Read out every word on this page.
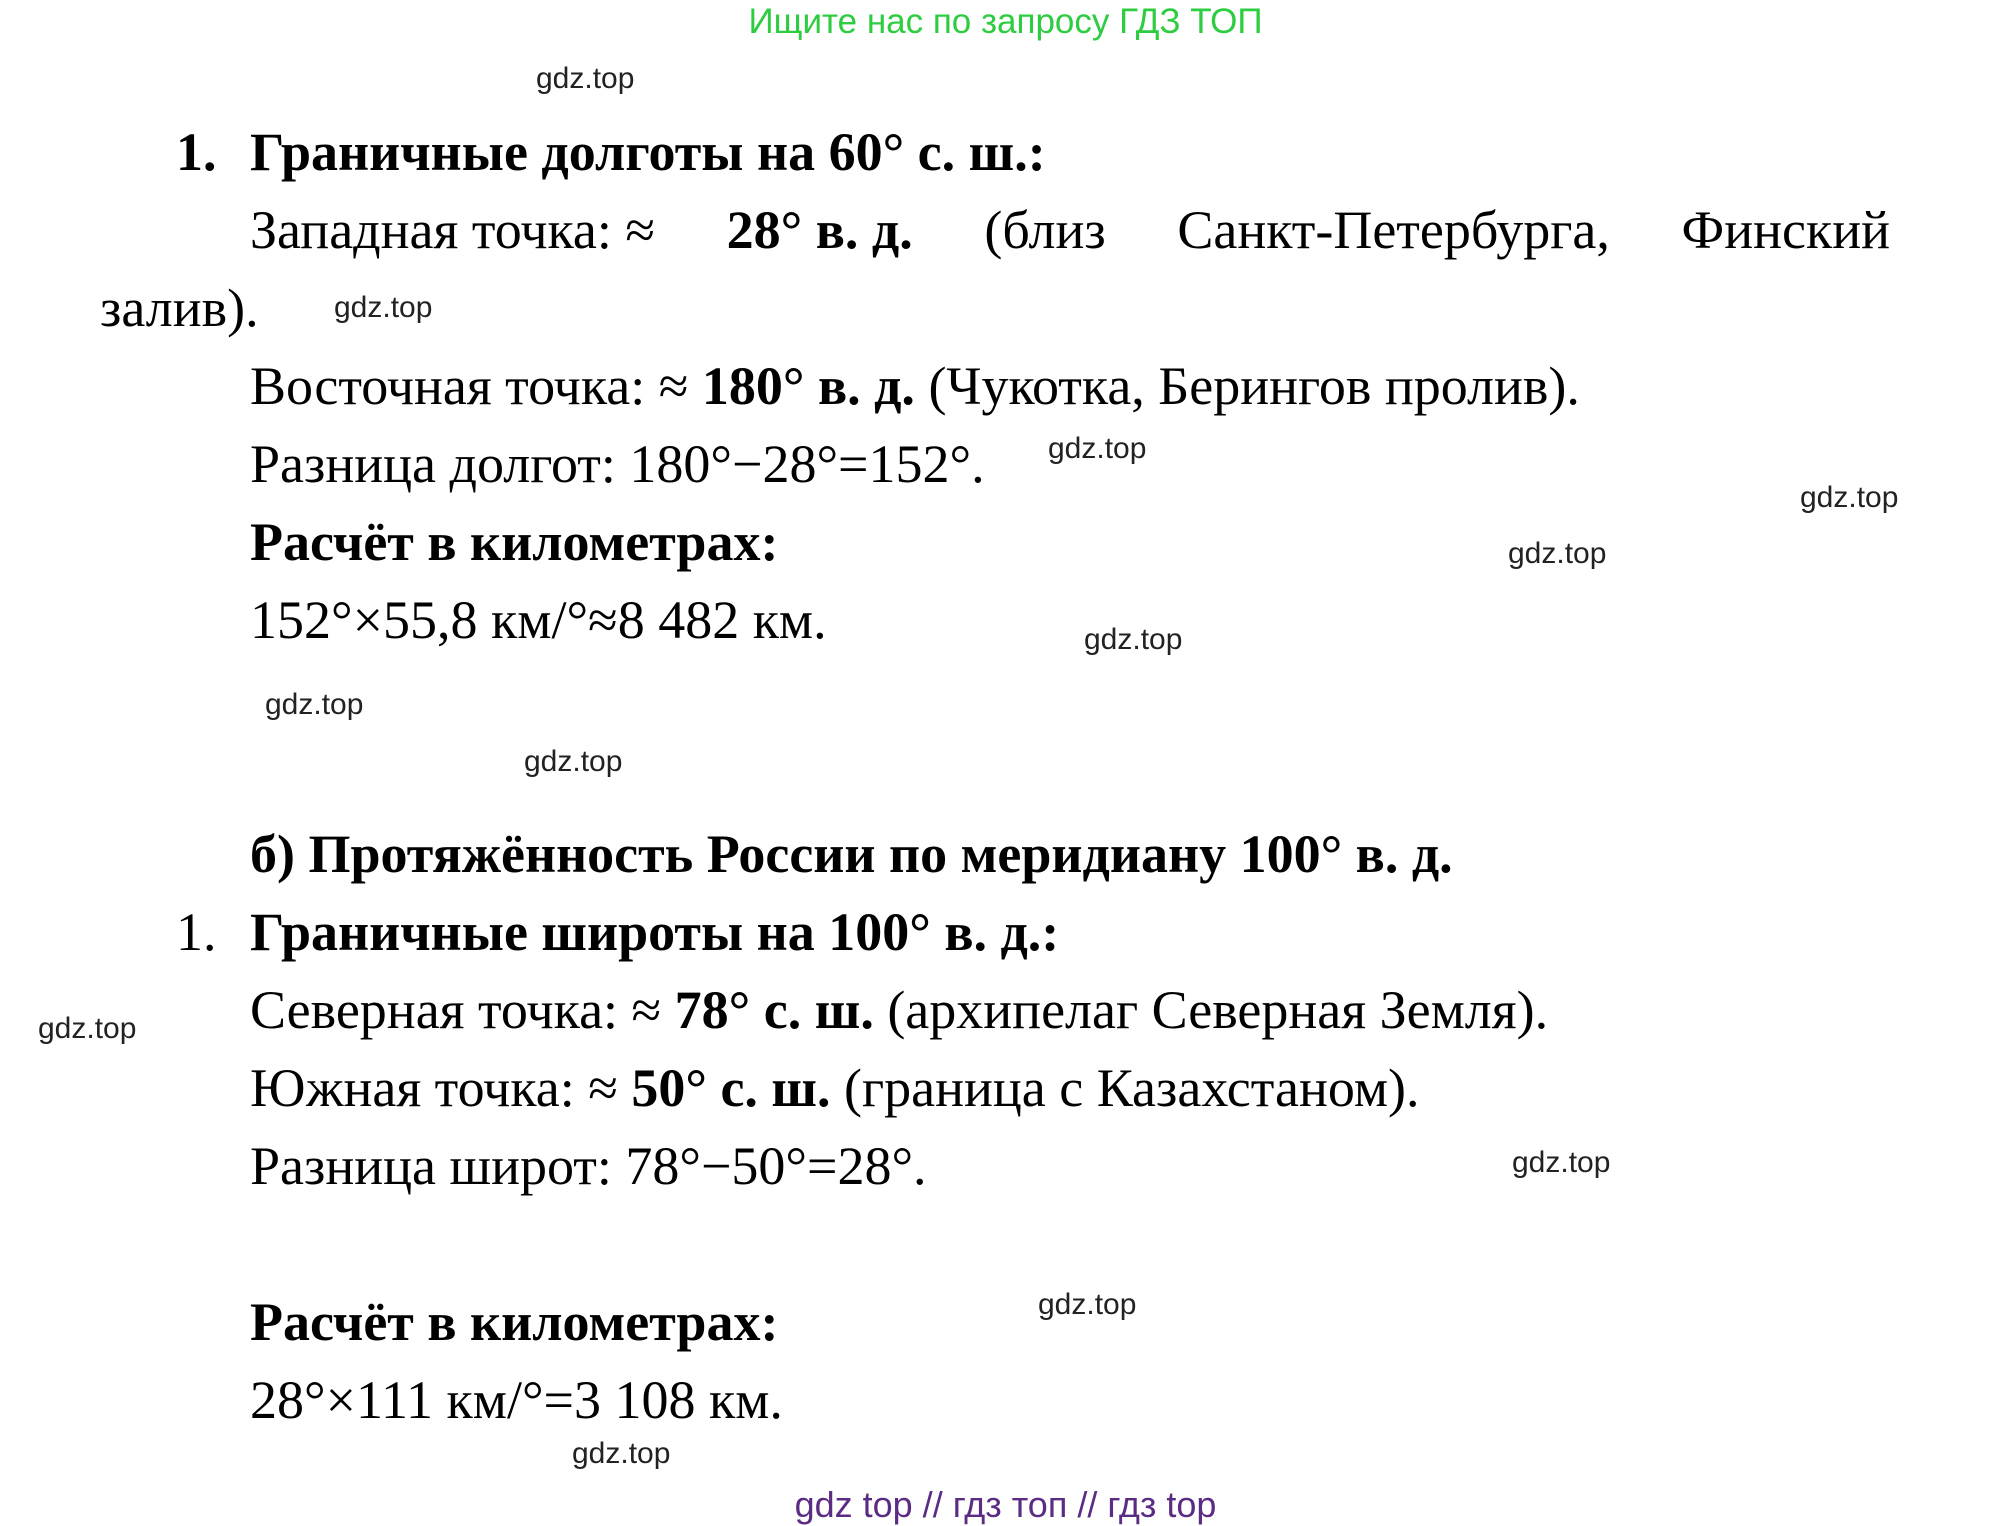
Ищите нас по запросу ГДЗ ТОП
1. Граничные долготы на 60° с. ш.:
Западная точка: ≈ 28° в. д. (близ Санкт-Петербурга, Финский
залив).
Восточная точка: ≈ 180° в. д. (Чукотка, Берингов пролив).
Разница долгот: 180°−28°=152°.
Расчёт в километрах:
152°×55,8 км/°≈8 482 км.
б) Протяжённость России по меридиану 100° в. д.
1. Граничные широты на 100° в. д.:
Северная точка: ≈ 78° с. ш. (архипелаг Северная Земля).
Южная точка: ≈ 50° с. ш. (граница с Казахстаном).
Разница широт: 78°−50°=28°.
Расчёт в километрах:
28°×111 км/°=3 108 км.
gdz.top
gdz.top
gdz.top
gdz.top
gdz.top
gdz.top
gdz.top
gdz.top
gdz.top
gdz.top
gdz.top
gdz.top
gdz top // гдз топ // гдз top
